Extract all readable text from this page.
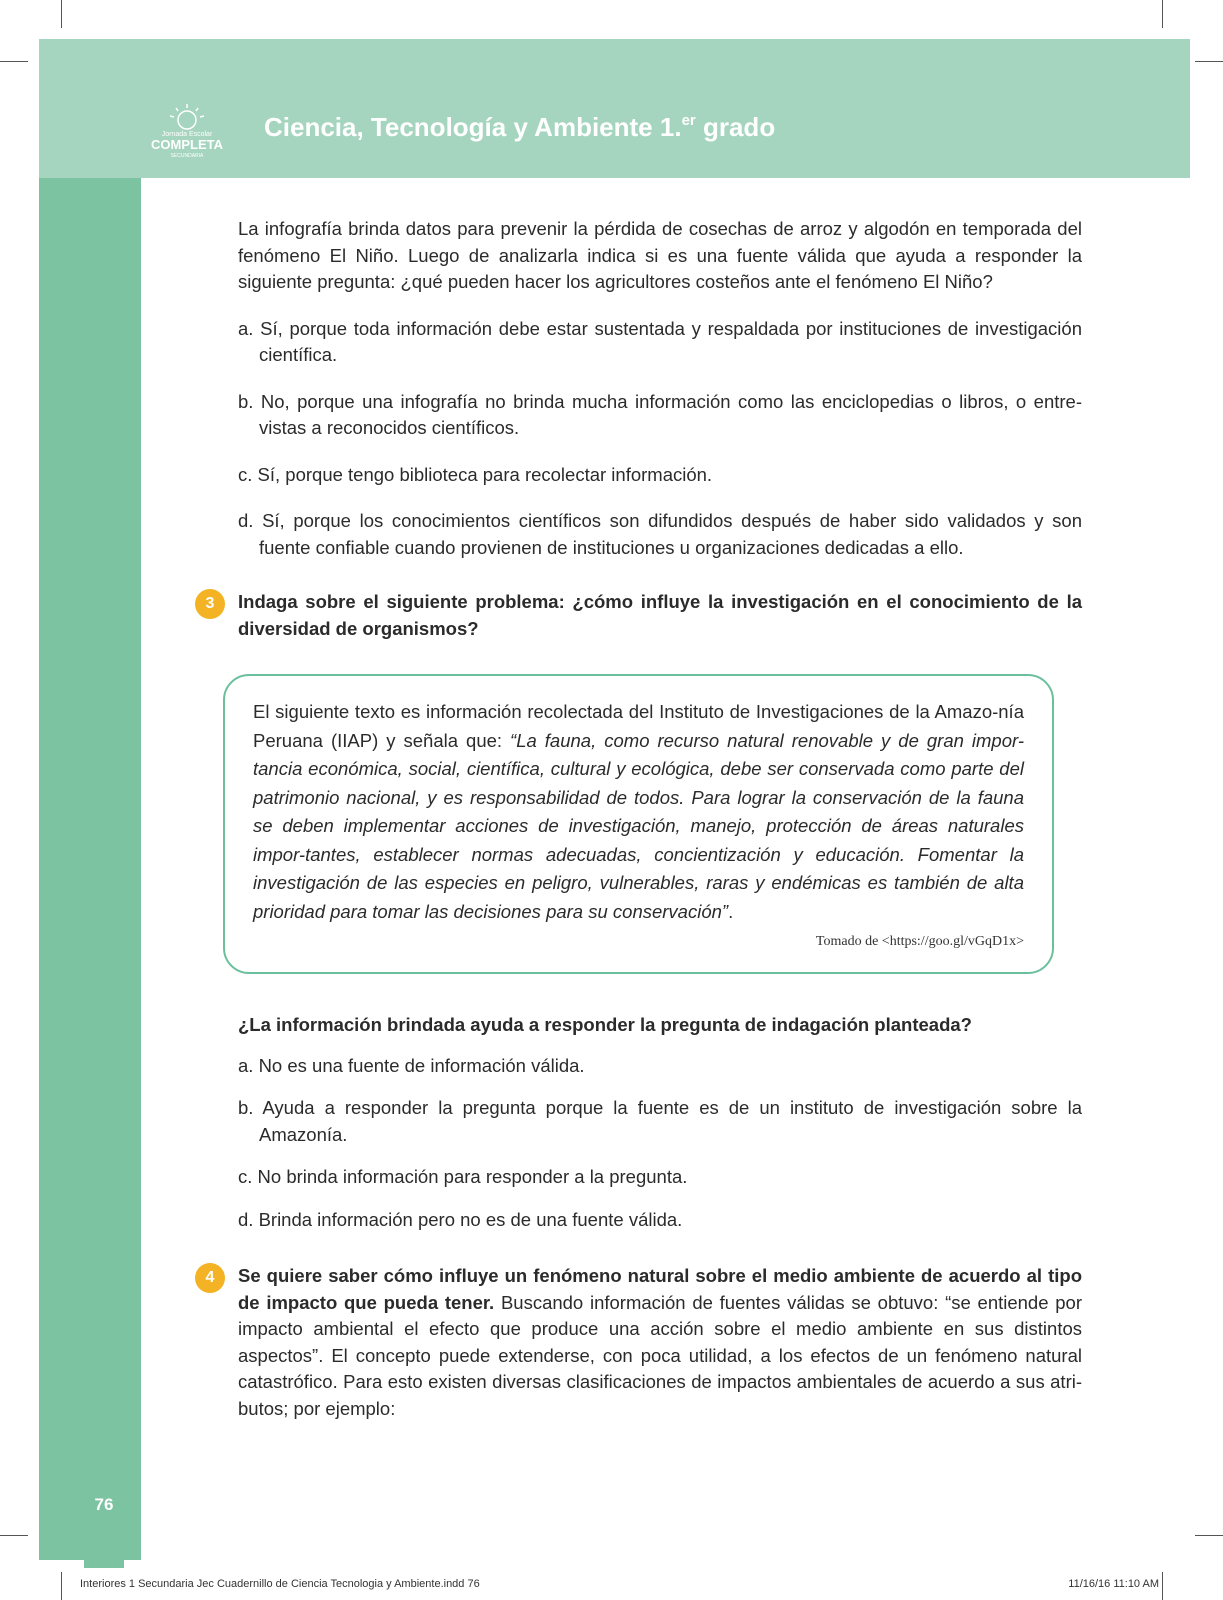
Jornada Escolar
COMPLETA
SECUNDARIA
Ciencia, Tecnología y Ambiente 1.$^{er}$ grado

La infografía brinda datos para prevenir la pérdida de cosechas de arroz y algodón en temporada del fenómeno El Niño. Luego de analizarla indica si es una fuente válida que ayuda a responder la siguiente pregunta: ¿qué pueden hacer los agricultores costeños ante el fenómeno El Niño?

a. Sí, porque toda información debe estar sustentada y respaldada por instituciones de investigación científica.

b. No, porque una infografía no brinda mucha información como las enciclopedias o libros, o entre-vistas a reconocidos científicos.

c. Sí, porque tengo biblioteca para recolectar información.

d. Sí, porque los conocimientos científicos son difundidos después de haber sido validados y son fuente confiable cuando provienen de instituciones u organizaciones dedicadas a ello.

3	Indaga sobre el siguiente problema: ¿cómo influye la investigación en el conocimiento de la diversidad de organismos?

El siguiente texto es información recolectada del Instituto de Investigaciones de la Amazo-nía Peruana (IIAP) y señala que: “La fauna, como recurso natural renovable y de gran impor-tancia económica, social, científica, cultural y ecológica, debe ser conservada como parte del patrimonio nacional, y es responsabilidad de todos. Para lograr la conservación de la fauna se deben implementar acciones de investigación, manejo, protección de áreas naturales impor-tantes, establecer normas adecuadas, concientización y educación. Fomentar la investigación de las especies en peligro, vulnerables, raras y endémicas es también de alta prioridad para tomar las decisiones para su conservación”.

Tomado de <https://goo.gl/vGqD1x>

¿La información brindada ayuda a responder la pregunta de indagación planteada?

a. No es una fuente de información válida.

b. Ayuda a responder la pregunta porque la fuente es de un instituto de investigación sobre la Amazonía.

c. No brinda información para responder a la pregunta.

d. Brinda información pero no es de una fuente válida.

4	Se quiere saber cómo influye un fenómeno natural sobre el medio ambiente de acuerdo al tipo de impacto que pueda tener. Buscando información de fuentes válidas se obtuvo: “se entiende por impacto ambiental el efecto que produce una acción sobre el medio ambiente en sus distintos aspectos”. El concepto puede extenderse, con poca utilidad, a los efectos de un fenómeno natural catastrófico. Para esto existen diversas clasificaciones de impactos ambientales de acuerdo a sus atri-butos; por ejemplo:

76
Interiores 1 Secundaria Jec Cuadernillo de Ciencia Tecnologia y Ambiente.indd 76	11/16/16 11:10 AM
